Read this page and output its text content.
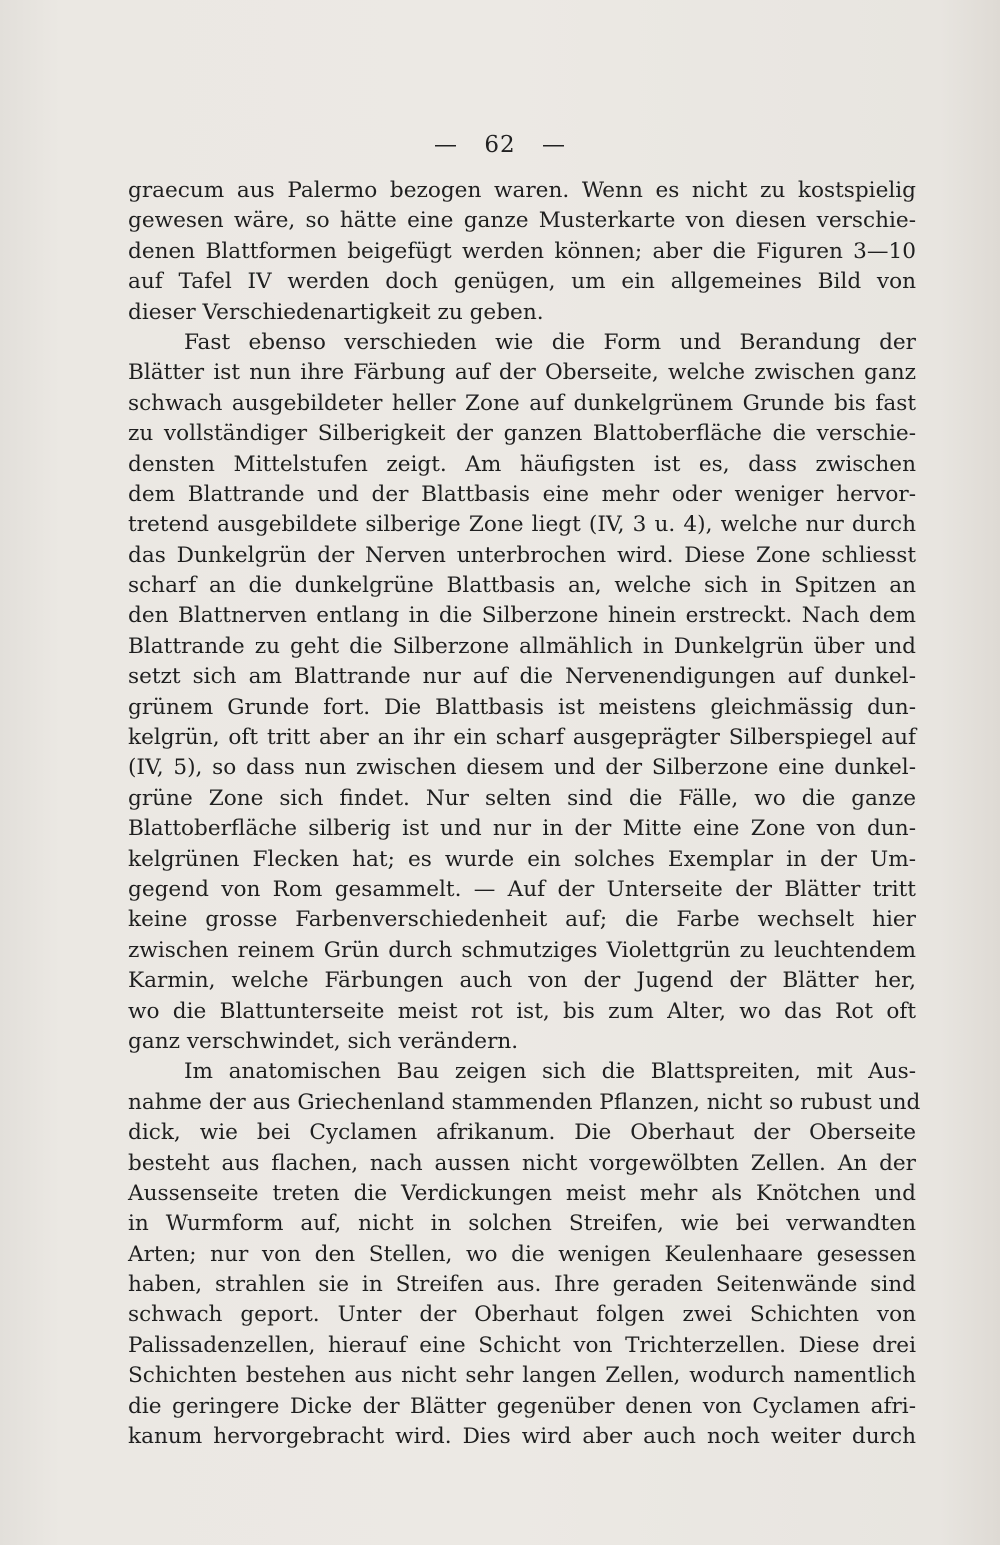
— 62 —
graecum aus Palermo bezogen waren. Wenn es nicht zu kostspielig
gewesen wäre, so hätte eine ganze Musterkarte von diesen verschie-
denen Blattformen beigefügt werden können; aber die Figuren 3—10
auf Tafel IV werden doch genügen, um ein allgemeines Bild von
dieser Verschiedenartigkeit zu geben.
Fast ebenso verschieden wie die Form und Berandung der
Blätter ist nun ihre Färbung auf der Oberseite, welche zwischen ganz
schwach ausgebildeter heller Zone auf dunkelgrünem Grunde bis fast
zu vollständiger Silberigkeit der ganzen Blattoberfläche die verschie-
densten Mittelstufen zeigt. Am häufigsten ist es, dass zwischen
dem Blattrande und der Blattbasis eine mehr oder weniger hervor-
tretend ausgebildete silberige Zone liegt (IV, 3 u. 4), welche nur durch
das Dunkelgrün der Nerven unterbrochen wird. Diese Zone schliesst
scharf an die dunkelgrüne Blattbasis an, welche sich in Spitzen an
den Blattnerven entlang in die Silberzone hinein erstreckt. Nach dem
Blattrande zu geht die Silberzone allmählich in Dunkelgrün über und
setzt sich am Blattrande nur auf die Nervenendigungen auf dunkel-
grünem Grunde fort. Die Blattbasis ist meistens gleichmässig dun-
kelgrün, oft tritt aber an ihr ein scharf ausgeprägter Silberspiegel auf
(IV, 5), so dass nun zwischen diesem und der Silberzone eine dunkel-
grüne Zone sich findet. Nur selten sind die Fälle, wo die ganze
Blattoberfläche silberig ist und nur in der Mitte eine Zone von dun-
kelgrünen Flecken hat; es wurde ein solches Exemplar in der Um-
gegend von Rom gesammelt. — Auf der Unterseite der Blätter tritt
keine grosse Farbenverschiedenheit auf; die Farbe wechselt hier
zwischen reinem Grün durch schmutziges Violettgrün zu leuchtendem
Karmin, welche Färbungen auch von der Jugend der Blätter her,
wo die Blattunterseite meist rot ist, bis zum Alter, wo das Rot oft
ganz verschwindet, sich verändern.
Im anatomischen Bau zeigen sich die Blattspreiten, mit Aus-
nahme der aus Griechenland stammenden Pflanzen, nicht so rubust und
dick, wie bei Cyclamen afrikanum. Die Oberhaut der Oberseite
besteht aus flachen, nach aussen nicht vorgewölbten Zellen. An der
Aussenseite treten die Verdickungen meist mehr als Knötchen und
in Wurmform auf, nicht in solchen Streifen, wie bei verwandten
Arten; nur von den Stellen, wo die wenigen Keulenhaare gesessen
haben, strahlen sie in Streifen aus. Ihre geraden Seitenwände sind
schwach geport. Unter der Oberhaut folgen zwei Schichten von
Palissadenzellen, hierauf eine Schicht von Trichterzellen. Diese drei
Schichten bestehen aus nicht sehr langen Zellen, wodurch namentlich
die geringere Dicke der Blätter gegenüber denen von Cyclamen afri-
kanum hervorgebracht wird. Dies wird aber auch noch weiter durch
